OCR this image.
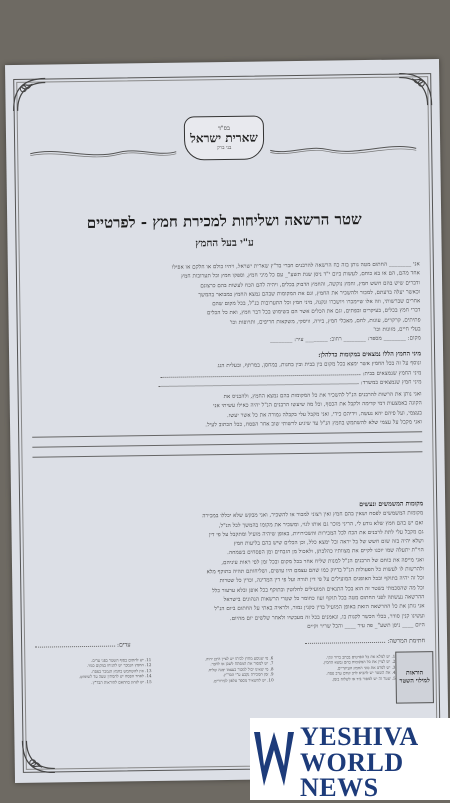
בס"ד
שארית ישראל
בני ברק
שטר הרשאה ושליחות למכירת חמץ - לפרטיים
ע"י בעל החמץ
אני ________ החתום מטה נותן בזה כח הרשאה להרבנים חברי בד"ץ שארית ישראל, ויהיו כולם או חלקם או אפילו
אחד מהם, הם או בא כוחם, לעשות ביום י"ד ניסן שנת תשע"_ עם כל מיני חמץ, וספקו חמץ וכל תערובות חמץ
ודברים שיש בהם חשש חמץ, וחמץ נוקשה, והחמץ הדבוק בכלים, ויהיה להם הכח לעשות בהם כרצונם
וכאשר יעלה בדעתם, למכור ולהשכיר את החמץ, וגם את המקומות שבהם נמצא החמץ כמבואר בהמשך
אחרים שברשותי, וזה אלו שיימכרו ויושכרו ונקנה, מיני חמץ וכל התערובות כנ"ל, בכל מקום שהם
דברי חמץ בכלים, בעיקרים ובפתים, וגם את הכלים אשר הם בשימוש בכל דבר חמץ, ואת כל הכלים
פתיתים, קרקרים, עוגות, לחם, מאכלי חמץ, בירה, וויסקי, משקאות חריפים, ותרופות וכו'
בעלי חיים, מזונות וכו'
מקום: ________ מספר: ________ רחוב: ________ עיר: ________
מיני החמץ הללו נמצאים במקומות כדלהלן:
ונוסף על זה בכל החמץ אשר ימצא בכל מקום בין בבית ובין בחנות, במחסן, במרתף, ובעלית הגג
מיני החמץ שנמצאים בבית:
מיני חמץ שנמצאים במשרד:
ואני נותן את הרשות להרבנים הנ"ל להשכיר את כל המקומות בהם נמצא החמץ, ולהכניס את
הקונה באמצעות דמי קדימה ולקבל את הכסף, וכל מה שיעשו הרבנים הנ"ל יהיה כאילו עשיתי אני
בעצמי, ועל פיהם יהא נעשה, וידיהם כידי, ואני מקבל עלי בקבלה גמורה את כל אשר יעשו.
ואני מקבל על עצמי שלא להשתמש בחמץ הנ"ל עד שיגיע לרשותי שוב אחר הפסח, ככל הכתוב לעיל.
מקומות המשמשים ונעשים
מקומות המשמשים לפסח ושאין בהם חמץ ואין רצוני למכור או להשכיר, ואני מבקש שלא יכללו במכירה
ואם יש בהם חמץ שלא נודע לי, הריני מוכר גם אותו לגוי, ומשכיר את מקומו בהמשך לכל הנ"ל,
גם מקבל עלי לתת לרבנים את הכח לכל המכירות והשכירויות, באופן שיהיה מועיל ומתקבל על פי דין
ושלא יהיה בזה שום חשש של בל יראה ובל ימצא כלל, וכן הכלים שיש בהם בליעות חמץ
הוי"ת יתעלה שמו יזכנו לקיים את מצוותיו כהלכתן, ולאכול מן הזבחים ומן הפסחים בשמחה.
ואני מייפה את כוחם של הרבנים הנ"ל למנות שליח אחר בכל מקום ובכל זמן לפי ראות עיניהם,
ולהרשות לו לעשות כל הפעולות הנ"ל בדיוק כמו שהם עצמם היו עושים, ושליחותם תהיה בתוקף מלא
וכל זה יהיה בתוקף ובכל האופנים המועילים על פי דין תורה ועל פי דין המדינה, וכדין כל שטרות
וכל מה שהסכמתי בשטר זה הוא בכל התנאים המועילים לחלוטין ובתוקף בכל אופן ובלא ערעור כלל
ההרשאה נעשתה לפני החתום מטה בכל תוקף ועוז כחומר כל שטרי הרשאות הנהוגים בישראל
אני נותן את כל ההרשאה הזאת באופן המועיל בדין כקנין גמור, ולראיה באתי על החתום ביום הנ"ל
ועשינו קנין סודר, בכלי הכשר לקנות בו, ונאמנים בכל זה מעכשיו ולאחר שלשים יום מהיום.
היום ____ ניסן תשע"_ פה עיר ____ והכל שריר וקיים
חתימת המרשה:
עדים:
הוראות למילוי השטר
1. יש למלא את כל הפרטים בכתב ברור ונקי.
2. יש לציין את כל המקומות בהם נמצא החמץ.
3. יש לפרט את סוגי החמץ העיקריים.
4. את השטר יש להביא לרב קודם ערב פסח.
5. שטר זה יש למסור ביד או לשלוח בזמן.
6. מי שנוסע מחוץ לביתו יש לציין היכן יהיה.
7. יש למסור את המפתח לשכן או לחבר.
8. מי שאינו יכול למכור בעצמו ימנה שליח.
9. זמן המכירה נקבע ע"י הבד"ץ.
10. יש להשאיר מספר טלפון לבירורים.
11. יש לחתום בסוף השטר בפני עדים.
12. החמץ הנמכר יש להניחו במקום סגור.
13. אין להשתמש בחמץ הנמכר בפסח.
14. לאחר הפסח יש להמתין שעה עד לשימוש.
15. יש לנהוג בהתאם להוראות הבד"ץ.
YESHIVA
WORLD
NEWS
